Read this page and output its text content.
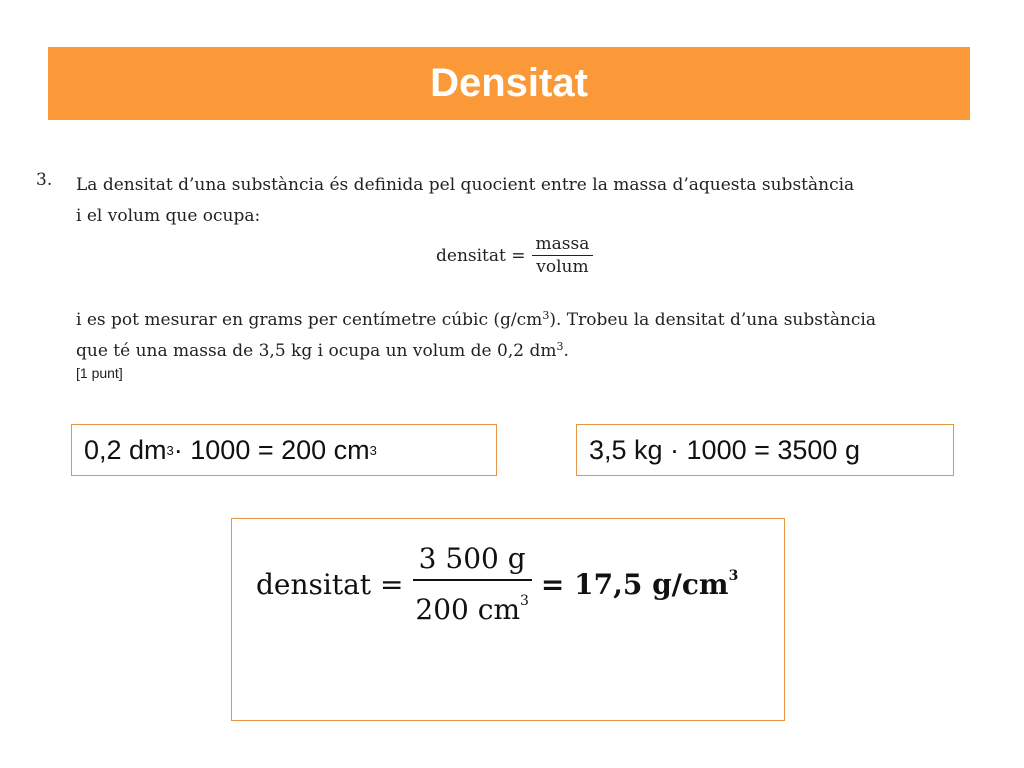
Densitat
3. La densitat d’una substància és definida pel quocient entre la massa d’aquesta substància
i el volum que ocupa:
densitat = $\frac{\text{massa}}{\text{volum}}$
i es pot mesurar en grams per centímetre cúbic $(g/cm^3)$. Trobeu la densitat d’una substància
que té una massa de 3,5 kg i ocupa un volum de 0,2 $dm^3$.
[1 punt]
0,2 dm 3 · 1000 = 200 cm 3	3,5 kg · 1000 = 3500 g
densitat = $\frac{3 500 g}{200 cm^3} = 17,5$ $g/cm^3$
